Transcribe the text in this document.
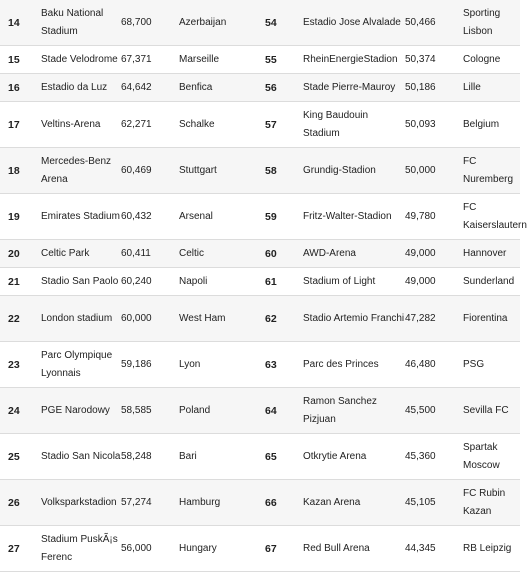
14	Baku National Stadium	68,700	Azerbaijan	54	Estadio Jose Alvalade	50,466	Sporting Lisbon
15	Stade Velodrome	67,371	Marseille	55	RheinEnergieStadion	50,374	Cologne
16	Estadio da Luz	64,642	Benfica	56	Stade Pierre-Mauroy	50,186	Lille
17	Veltins-Arena	62,271	Schalke	57	King Baudouin Stadium	50,093	Belgium
18	Mercedes-Benz Arena	60,469	Stuttgart	58	Grundig-Stadion	50,000	FC Nuremberg
19	Emirates Stadium	60,432	Arsenal	59	Fritz-Walter-Stadion	49,780	FC Kaiserslautern
20	Celtic Park	60,411	Celtic	60	AWD-Arena	49,000	Hannover
21	Stadio San Paolo	60,240	Napoli	61	Stadium of Light	49,000	Sunderland
22	London stadium	60,000	West Ham	62	Stadio Artemio Franchi	47,282	Fiorentina
23	Parc Olympique Lyonnais	59,186	Lyon	63	Parc des Princes	46,480	PSG
24	PGE Narodowy	58,585	Poland	64	Ramon Sanchez Pizjuan	45,500	Sevilla FC
25	Stadio San Nicola	58,248	Bari	65	Otkrytie Arena	45,360	Spartak Moscow
26	Volksparkstadion	57,274	Hamburg	66	Kazan Arena	45,105	FC Rubin Kazan
27	Stadium PuskÃ¡s Ferenc	56,000	Hungary	67	Red Bull Arena	44,345	RB Leipzig
